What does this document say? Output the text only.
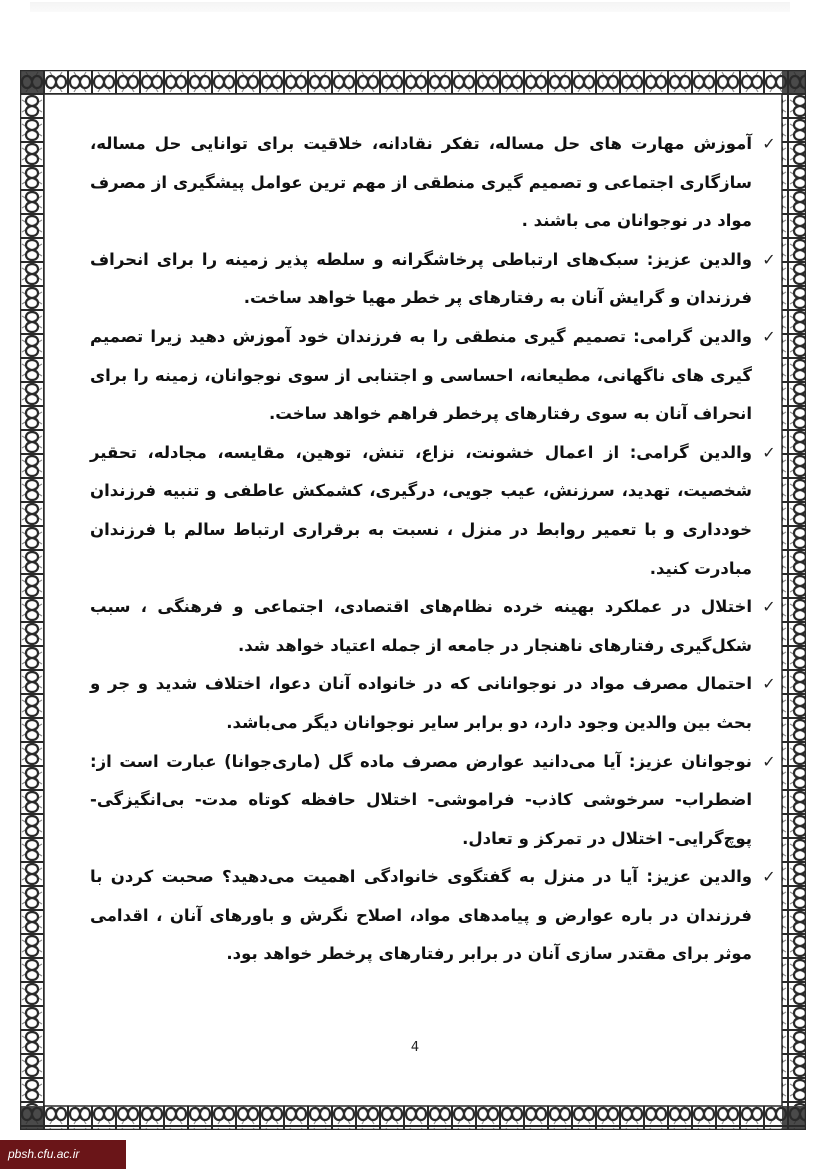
✓
آموزش مهارت های حل مساله، تفکر نقادانه، خلاقیت برای توانایی حل مساله، سازگاری اجتماعی و تصمیم گیری منطقی از مهم ترین عوامل پیشگیری از مصرف مواد در نوجوانان می باشند .

✓
والدین عزیز: سبک‌های ارتباطی پرخاشگرانه و سلطه پذیر زمینه را برای انحراف فرزندان و گرایش آنان به رفتارهای پر خطر مهیا خواهد ساخت.

✓
والدین گرامی: تصمیم گیری منطقی را به فرزندان خود آموزش دهید زیرا تصمیم گیری های ناگهانی، مطیعانه، احساسی و اجتنابی از سوی نوجوانان، زمینه را برای انحراف آنان به سوی رفتارهای پرخطر فراهم خواهد ساخت.

✓
والدین گرامی: از اعمال خشونت، نزاع، تنش، توهین، مقایسه، مجادله، تحقیر شخصیت، تهدید، سرزنش، عیب جویی، درگیری، کشمکش عاطفی و تنبیه فرزندان خودداری و با تعمیر روابط در منزل ، نسبت به برقراری ارتباط سالم با فرزندان مبادرت کنید.

✓
اختلال در عملکرد بهینه خرده نظام‌های اقتصادی، اجتماعی و فرهنگی ، سبب شکل‌گیری رفتارهای ناهنجار در جامعه از جمله اعتیاد خواهد شد.

✓
احتمال مصرف مواد در نوجوانانی که در خانواده آنان دعوا، اختلاف شدید و جر و بحث بین والدین وجود دارد، دو برابر سایر نوجوانان دیگر می‌باشد.

✓
نوجوانان عزیز: آیا می‌دانید عوارض مصرف ماده گل (ماری‌جوانا) عبارت است از: اضطراب- سرخوشی کاذب- فراموشی- اختلال حافظه کوتاه مدت- بی‌انگیزگی- پوچ‌گرایی- اختلال در تمرکز و تعادل.

✓
والدین عزیز: آیا در منزل به گفتگوی خانوادگی اهمیت می‌دهید؟ صحبت کردن با فرزندان در باره عوارض و پیامدهای مواد، اصلاح نگرش و باورهای آنان ، اقدامی موثر برای مقتدر سازی آنان در برابر رفتارهای پرخطر خواهد بود.

4
pbsh.cfu.ac.ir
